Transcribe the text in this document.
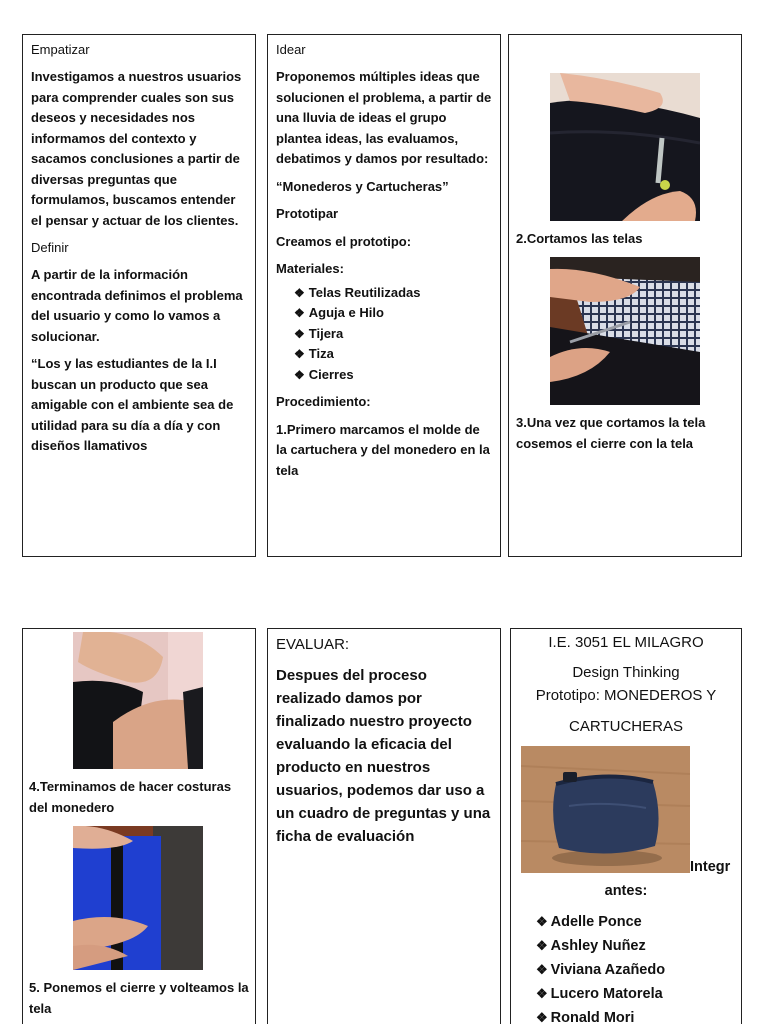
Empatizar
Investigamos a nuestros usuarios para comprender cuales son sus deseos y necesidades nos informamos del contexto y sacamos conclusiones a partir de diversas preguntas que formulamos, buscamos entender el pensar y actuar de los clientes.
Definir
A partir de la información encontrada definimos el problema del usuario y como lo vamos a solucionar.
“Los y las estudiantes de la I.I buscan un producto que sea amigable con el ambiente sea de utilidad para su día a día y con diseños llamativos
Idear
Proponemos múltiples ideas que solucionen el problema, a partir de una lluvia de ideas el grupo plantea ideas, las evaluamos, debatimos y damos por resultado:
“Monederos y Cartucheras”
Prototipar
Creamos el prototipo:
Materiales:
❖ Telas Reutilizadas
❖ Aguja e Hilo
❖ Tijera
❖ Tiza
❖ Cierres
Procedimiento:
1.Primero marcamos el molde de la cartuchera y del monedero en la tela
2.Cortamos las telas
3.Una vez que cortamos la tela cosemos el cierre con la tela
4.Terminamos de hacer costuras del monedero
5. Ponemos el cierre y volteamos la tela
EVALUAR:
Despues del proceso realizado damos por finalizado nuestro proyecto evaluando la eficacia del producto en nuestros usuarios, podemos dar uso a un cuadro de preguntas y una ficha de evaluación
I.E. 3051 EL MILAGRO
Design Thinking
Prototipo: MONEDEROS Y
CARTUCHERAS
Integr
antes:
❖ Adelle Ponce
❖ Ashley Nuñez
❖ Viviana Azañedo
❖ Lucero Matorela
❖ Ronald Mori
